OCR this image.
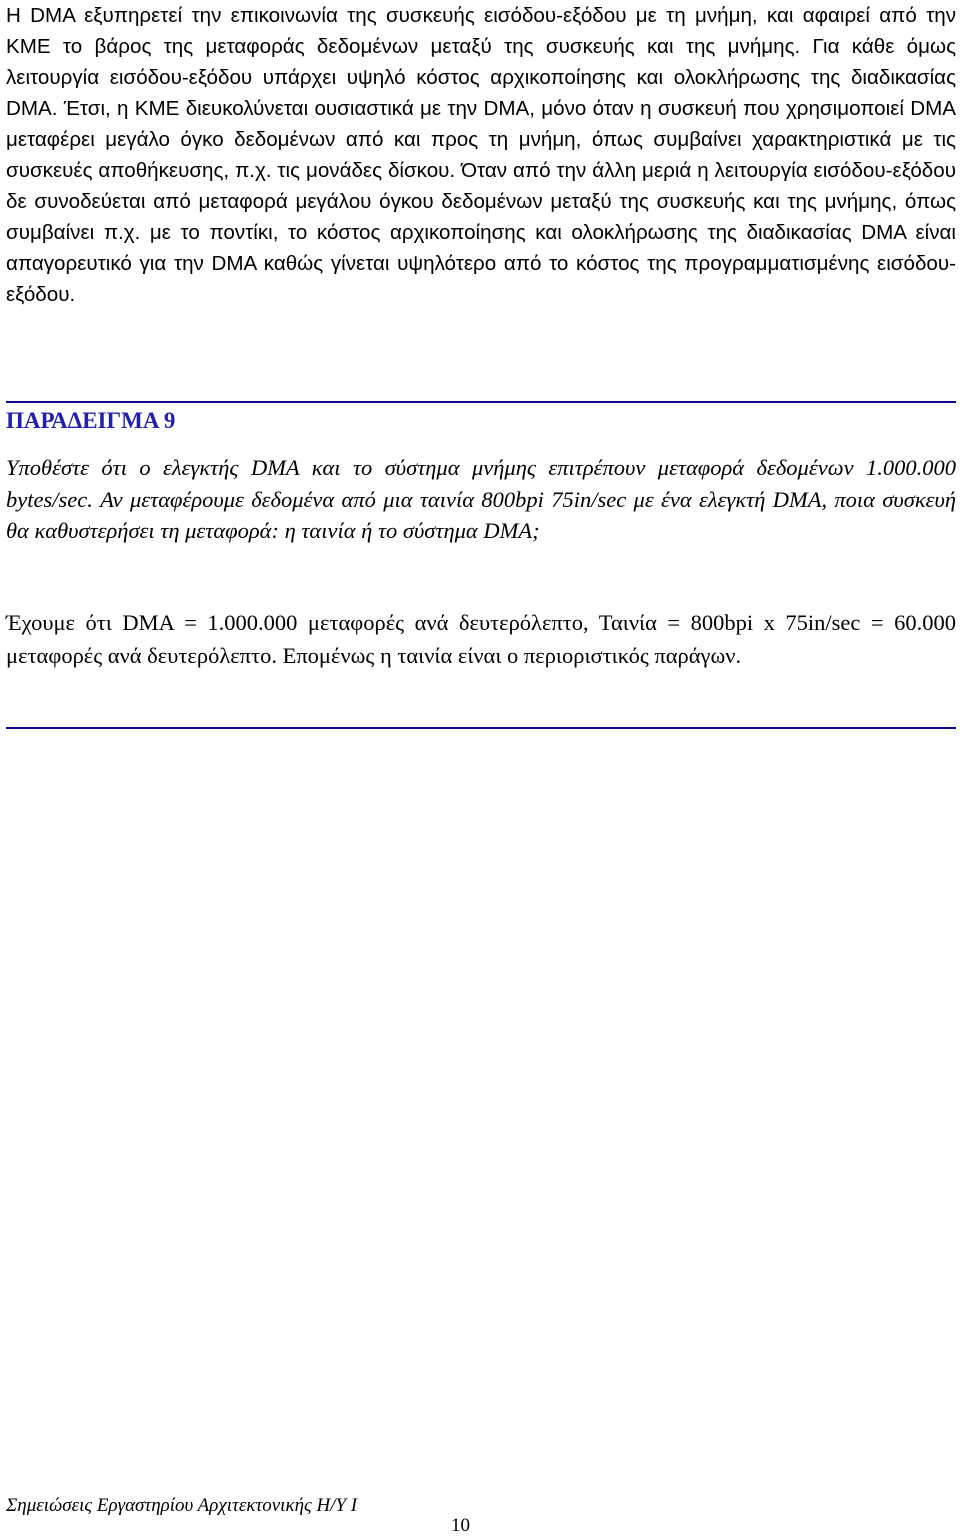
Η DMA εξυπηρετεί την επικοινωνία της συσκευής εισόδου-εξόδου με τη μνήμη, και αφαιρεί από την ΚΜΕ το βάρος της μεταφοράς δεδομένων μεταξύ της συσκευής και της μνήμης. Για κάθε όμως λειτουργία εισόδου-εξόδου υπάρχει υψηλό κόστος αρχικοποίησης και ολοκλήρωσης της διαδικασίας DMA. Έτσι, η ΚΜΕ διευκολύνεται ουσιαστικά με την DMA, μόνο όταν η συσκευή που χρησιμοποιεί DMA μεταφέρει μεγάλο όγκο δεδομένων από και προς τη μνήμη, όπως συμβαίνει χαρακτηριστικά με τις συσκευές αποθήκευσης, π.χ. τις μονάδες δίσκου. Όταν από την άλλη μεριά η λειτουργία εισόδου-εξόδου δε συνοδεύεται από μεταφορά μεγάλου όγκου δεδομένων μεταξύ της συσκευής και της μνήμης, όπως συμβαίνει π.χ. με το ποντίκι, το κόστος αρχικοποίησης και ολοκλήρωσης της διαδικασίας DMA είναι απαγορευτικό για την DMA καθώς γίνεται υψηλότερο από το κόστος της προγραμματισμένης εισόδου-εξόδου.

ΠΑΡΑΔΕΙΓΜΑ 9

Υποθέστε ότι ο ελεγκτής DMA και το σύστημα μνήμης επιτρέπουν μεταφορά δεδομένων 1.000.000 bytes/sec. Αν μεταφέρουμε δεδομένα από μια ταινία 800bpi 75in/sec με ένα ελεγκτή DMA, ποια συσκευή θα καθυστερήσει τη μεταφορά: η ταινία ή το σύστημα DMA;

Έχουμε ότι DMA = 1.000.000 μεταφορές ανά δευτερόλεπτο, Ταινία = 800bpi x 75in/sec = 60.000 μεταφορές ανά δευτερόλεπτο. Επομένως η ταινία είναι ο περιοριστικός παράγων.

Σημειώσεις Εργαστηρίου Αρχιτεκτονικής Η/Υ Ι

10
